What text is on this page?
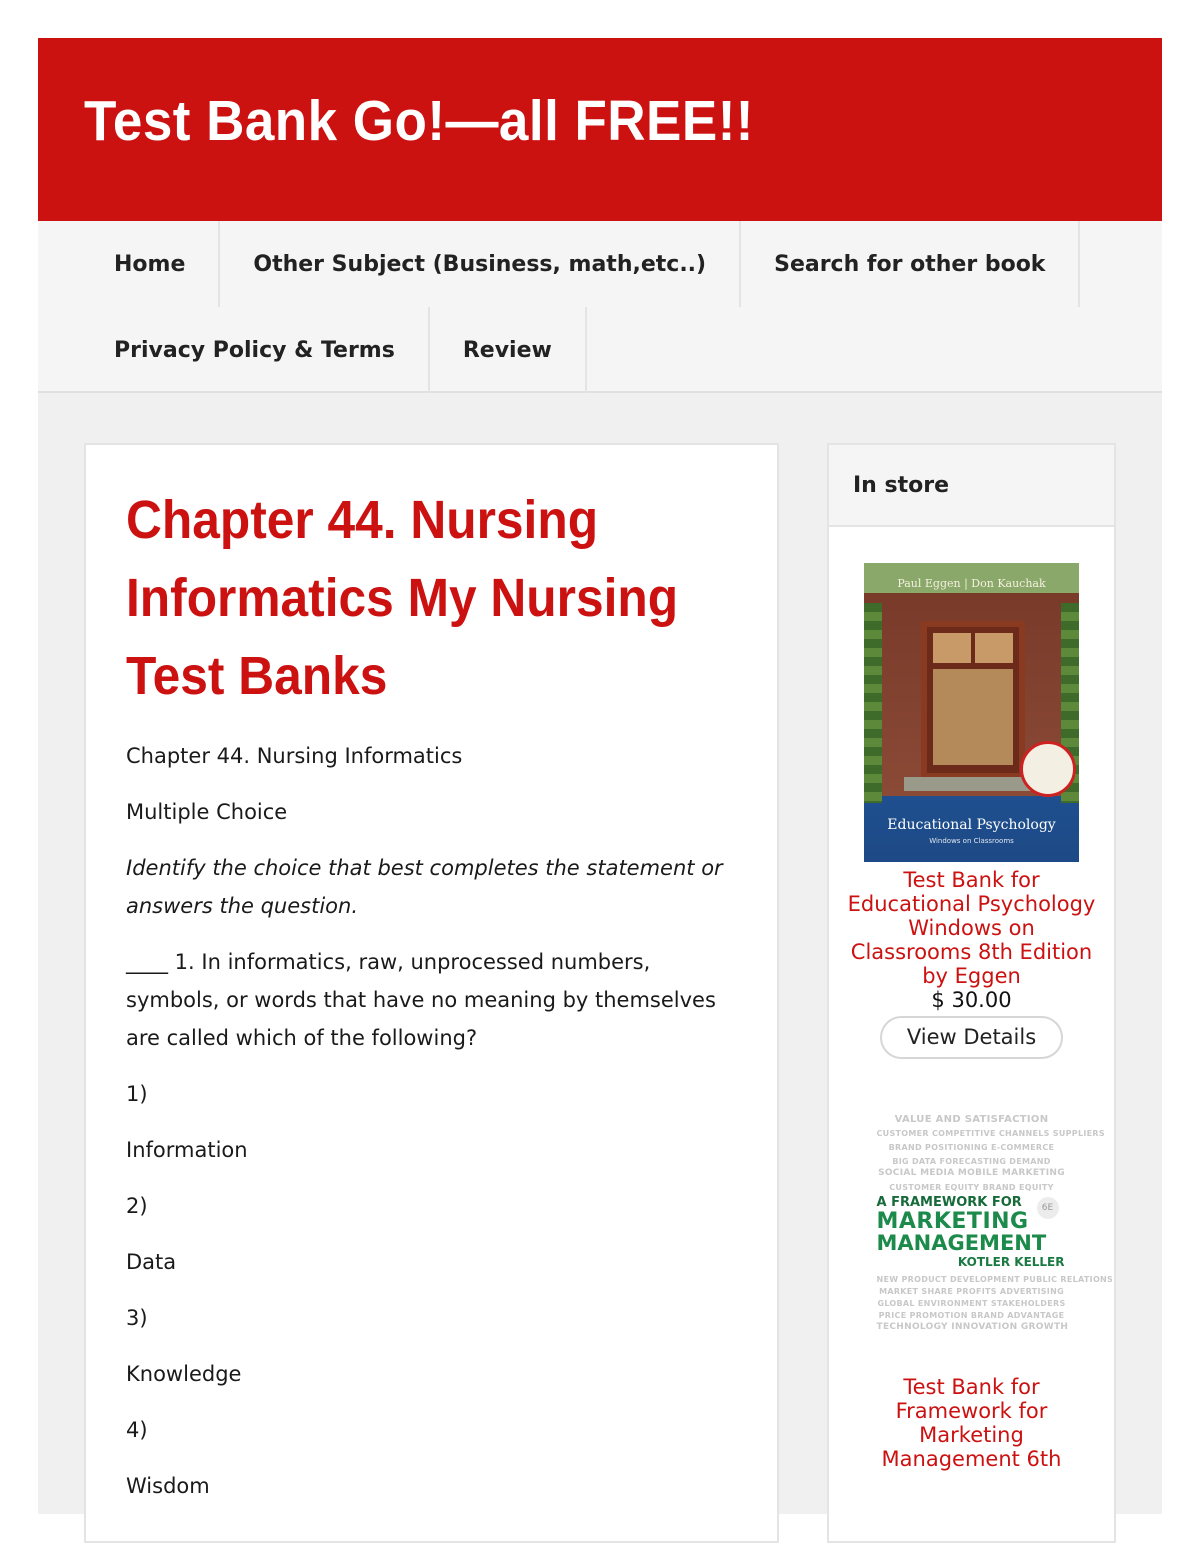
Test Bank Go!—all FREE!!
Home	Other Subject (Business, math,etc..)	Search for other book
Privacy Policy & Terms	Review
Chapter 44. Nursing Informatics My Nursing Test Banks

Chapter 44. Nursing Informatics

Multiple Choice

Identify the choice that best completes the statement or answers the question.

____ 1. In informatics, raw, unprocessed numbers, symbols, or words that have no meaning by themselves are called which of the following?

1)

Information

2)

Data

3)

Knowledge

4)

Wisdom

In store
Paul Eggen | Don Kauchak
Educational Psychology
Windows on Classrooms
Test Bank for Educational Psychology Windows on Classrooms 8th Edition by Eggen
$ 30.00
View Details
VALUE AND SATISFACTION
CUSTOMER COMPETITIVE CHANNELS SUPPLIERS
BRAND POSITIONING E-COMMERCE
BIG DATA FORECASTING DEMAND
SOCIAL MEDIA MOBILE MARKETING
CUSTOMER EQUITY BRAND EQUITY
A FRAMEWORK FOR	6E
MARKETING
MANAGEMENT
KOTLER KELLER
NEW PRODUCT DEVELOPMENT PUBLIC RELATIONS
MARKET SHARE PROFITS ADVERTISING
GLOBAL ENVIRONMENT STAKEHOLDERS
PRICE PROMOTION BRAND ADVANTAGE
TECHNOLOGY INNOVATION GROWTH
Test Bank for Framework for Marketing Management 6th
